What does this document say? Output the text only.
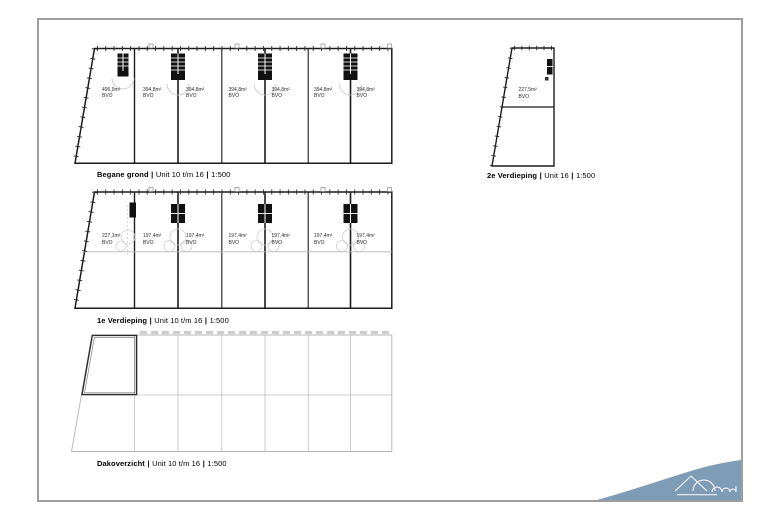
496,9m²
BVO
394,8m²
BVO
394,8m²
BVO
394,8m²
BVO
394,8m²
BVO
394,8m²
BVO
394,8m²
BVO
Begane grond | Unit 10 t/m 16 | 1:500
227,1m²
BVO
197,4m²
BVO
197,4m²
BVO
197,4m²
BVO
197,4m²
BVO
197,4m²
BVO
197,4m²
BVO
1e Verdieping | Unit 10 t/m 16 | 1:500
227,5m²
BVO
2e Verdieping | Unit 16 | 1:500
Dakoverzicht | Unit 10 t/m 16 | 1:500
